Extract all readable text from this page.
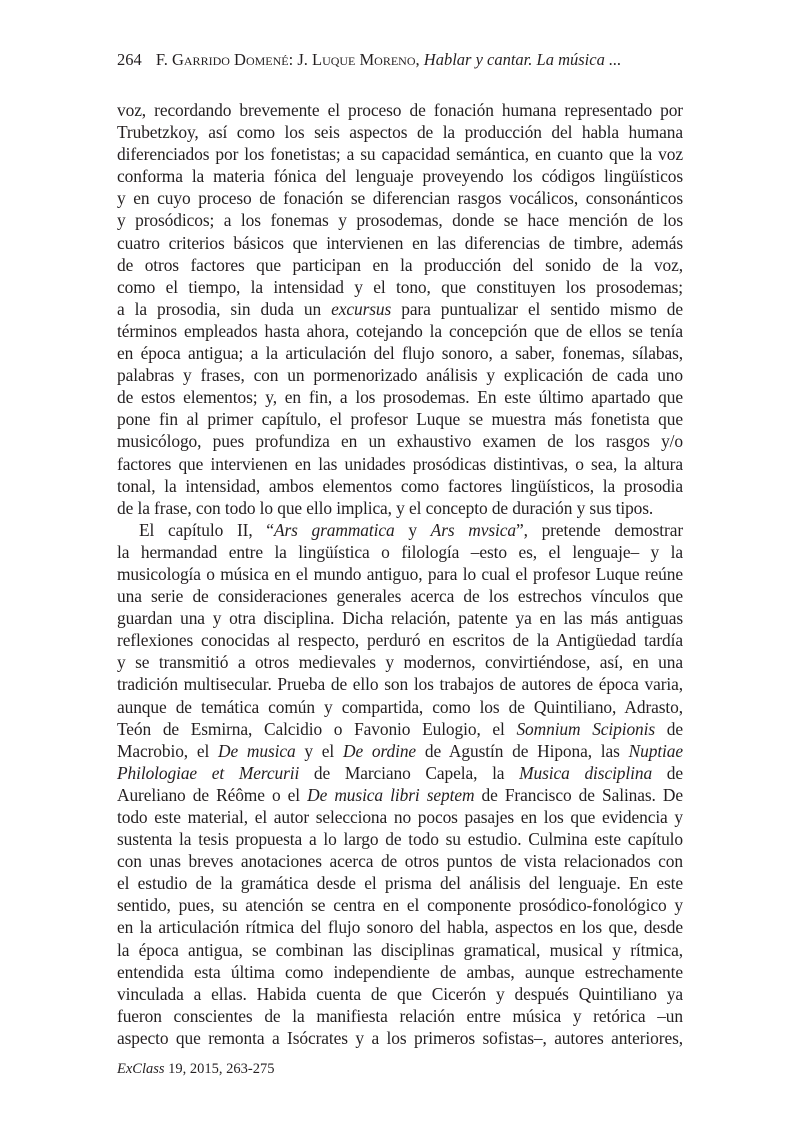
264 F. Garrido Domené: J. Luque Moreno, Hablar y cantar. La música ...
voz, recordando brevemente el proceso de fonación humana representado por
Trubetzkoy, así como los seis aspectos de la producción del habla humana
diferenciados por los fonetistas; a su capacidad semántica, en cuanto que la voz
conforma la materia fónica del lenguaje proveyendo los códigos lingüísticos
y en cuyo proceso de fonación se diferencian rasgos vocálicos, consonánticos
y prosódicos; a los fonemas y prosodemas, donde se hace mención de los
cuatro criterios básicos que intervienen en las diferencias de timbre, además
de otros factores que participan en la producción del sonido de la voz,
como el tiempo, la intensidad y el tono, que constituyen los prosodemas;
a la prosodia, sin duda un excursus para puntualizar el sentido mismo de
términos empleados hasta ahora, cotejando la concepción que de ellos se tenía
en época antigua; a la articulación del flujo sonoro, a saber, fonemas, sílabas,
palabras y frases, con un pormenorizado análisis y explicación de cada uno
de estos elementos; y, en fin, a los prosodemas. En este último apartado que
pone fin al primer capítulo, el profesor Luque se muestra más fonetista que
musicólogo, pues profundiza en un exhaustivo examen de los rasgos y/o
factores que intervienen en las unidades prosódicas distintivas, o sea, la altura
tonal, la intensidad, ambos elementos como factores lingüísticos, la prosodia
de la frase, con todo lo que ello implica, y el concepto de duración y sus tipos.
El capítulo II, “Ars grammatica y Ars mvsica”, pretende demostrar
la hermandad entre la lingüística o filología –esto es, el lenguaje– y la
musicología o música en el mundo antiguo, para lo cual el profesor Luque reúne
una serie de consideraciones generales acerca de los estrechos vínculos que
guardan una y otra disciplina. Dicha relación, patente ya en las más antiguas
reflexiones conocidas al respecto, perduró en escritos de la Antigüedad tardía
y se transmitió a otros medievales y modernos, convirtiéndose, así, en una
tradición multisecular. Prueba de ello son los trabajos de autores de época varia,
aunque de temática común y compartida, como los de Quintiliano, Adrasto,
Teón de Esmirna, Calcidio o Favonio Eulogio, el Somnium Scipionis de
Macrobio, el De musica y el De ordine de Agustín de Hipona, las Nuptiae
Philologiae et Mercurii de Marciano Capela, la Musica disciplina de
Aureliano de Réôme o el De musica libri septem de Francisco de Salinas. De
todo este material, el autor selecciona no pocos pasajes en los que evidencia y
sustenta la tesis propuesta a lo largo de todo su estudio. Culmina este capítulo
con unas breves anotaciones acerca de otros puntos de vista relacionados con
el estudio de la gramática desde el prisma del análisis del lenguaje. En este
sentido, pues, su atención se centra en el componente prosódico-fonológico y
en la articulación rítmica del flujo sonoro del habla, aspectos en los que, desde
la época antigua, se combinan las disciplinas gramatical, musical y rítmica,
entendida esta última como independiente de ambas, aunque estrechamente
vinculada a ellas. Habida cuenta de que Cicerón y después Quintiliano ya
fueron conscientes de la manifiesta relación entre música y retórica –un
aspecto que remonta a Isócrates y a los primeros sofistas–, autores anteriores,
ExClass 19, 2015, 263-275
